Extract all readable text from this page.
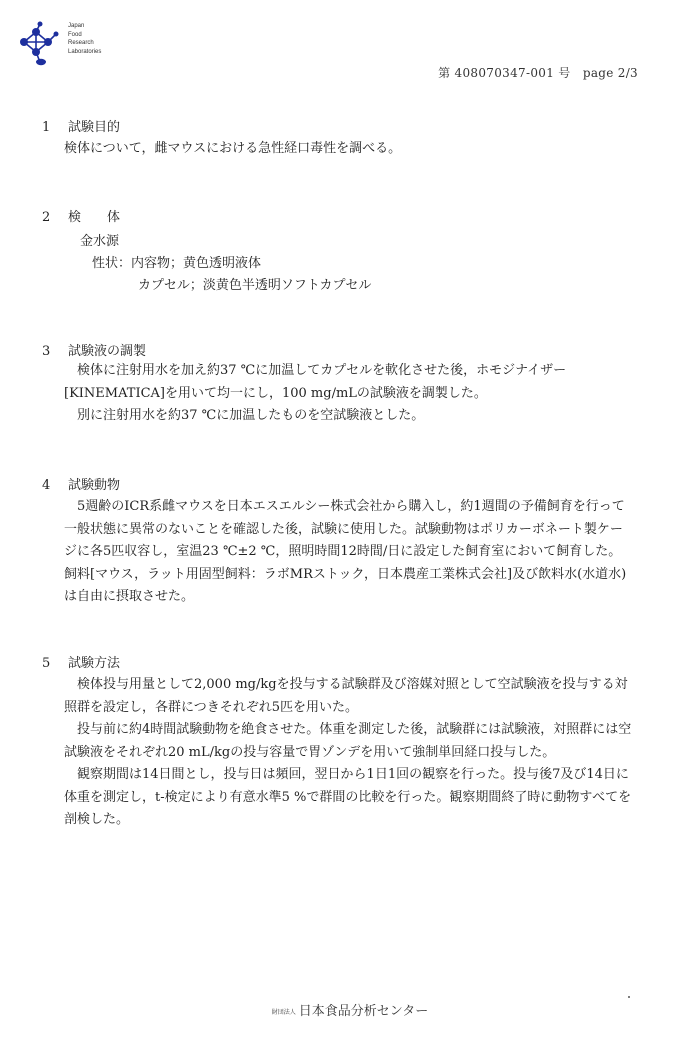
Japan
Food
Research
Laboratories
第 408070347-001 号　page 2/3
1 試験目的
検体について，雌マウスにおける急性経口毒性を調べる。
2 検　　体
金水源
性状：内容物；黄色透明液体
カプセル；淡黄色半透明ソフトカプセル
3 試験液の調製
　検体に注射用水を加え約37 ℃に加温してカプセルを軟化させた後，ホモジナイザー[KINEMATICA]を用いて均一にし，100 mg/mLの試験液を調製した。
　別に注射用水を約37 ℃に加温したものを空試験液とした。
4 試験動物
　5週齢のICR系雌マウスを日本エスエルシー株式会社から購入し，約1週間の予備飼育を行って一般状態に異常のないことを確認した後，試験に使用した。試験動物はポリカーボネート製ケージに各5匹収容し，室温23 ℃±2 ℃，照明時間12時間/日に設定した飼育室において飼育した。飼料[マウス，ラット用固型飼料：ラボMRストック，日本農産工業株式会社]及び飲料水(水道水)は自由に摂取させた。
5 試験方法
　検体投与用量として2,000 mg/kgを投与する試験群及び溶媒対照として空試験液を投与する対照群を設定し，各群につきそれぞれ5匹を用いた。
　投与前に約4時間試験動物を絶食させた。体重を測定した後，試験群には試験液，対照群には空試験液をそれぞれ20 mL/kgの投与容量で胃ゾンデを用いて強制単回経口投与した。
　観察期間は14日間とし，投与日は頻回，翌日から1日1回の観察を行った。投与後7及び14日に体重を測定し，t-検定により有意水準5 %で群間の比較を行った。観察期間終了時に動物すべてを剖検した。
財団法人 日本食品分析センター
